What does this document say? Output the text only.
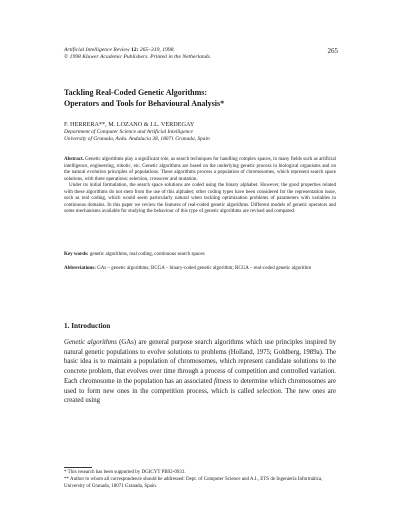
Artificial Intelligence Review 12: 265–319, 1998.
© 1998 Kluwer Academic Publishers. Printed in the Netherlands.
265
Tackling Real-Coded Genetic Algorithms:
Operators and Tools for Behavioural Analysis*
F. HERRERA**, M. LOZANO & J.L. VERDEGAY
Department of Computer Science and Artificial Intelligence
University of Granada, Avda. Andalucia 38, 18071 Granada, Spain

Abstract. Genetic algorithms play a significant role, as search techniques for handling complex spaces, in many fields such as artificial intelligence, engineering, robotic, etc. Genetic algorithms are based on the underlying genetic process in biological organisms and on the natural evolution principles of populations. These algorithms process a population of chromosomes, which represent search space solutions, with three operations: selection, crossover and mutation.

Under its initial formulation, the search space solutions are coded using the binary alphabet. However, the good properties related with these algorithms do not stem from the use of this alphabet; other coding types have been considered for the representation issue, such as real coding, which would seem particularly natural when tackling optimization problems of parameters with variables in continuous domains. In this paper we review the features of real-coded genetic algorithms. Different models of genetic operators and some mechanisms available for studying the behaviour of this type of genetic algorithms are revised and compared.

Key words: genetic algorithms, real coding, continuous search spaces
Abbreviations: GAs – genetic algorithms; BCGA – binary-coded genetic algorithm; RCGA – real-coded genetic algorithm
1. Introduction

Genetic algorithms (GAs) are general purpose search algorithms which use principles inspired by natural genetic populations to evolve solutions to problems (Holland, 1975; Goldberg, 1989a). The basic idea is to maintain a population of chromosomes, which represent candidate solutions to the concrete problem, that evolves over time through a process of competition and controlled variation. Each chromosome in the population has an associated fitness to determine which chromosomes are used to form new ones in the competition process, which is called selection. The new ones are created using

* This research has been supported by DGICYT PB92-0933.
** Author to whom all correspondence should be addressed: Dept. of Computer Science and A.I., ETS de Ingeniería Informática, University of Granada, 18071 Granada, Spain.
